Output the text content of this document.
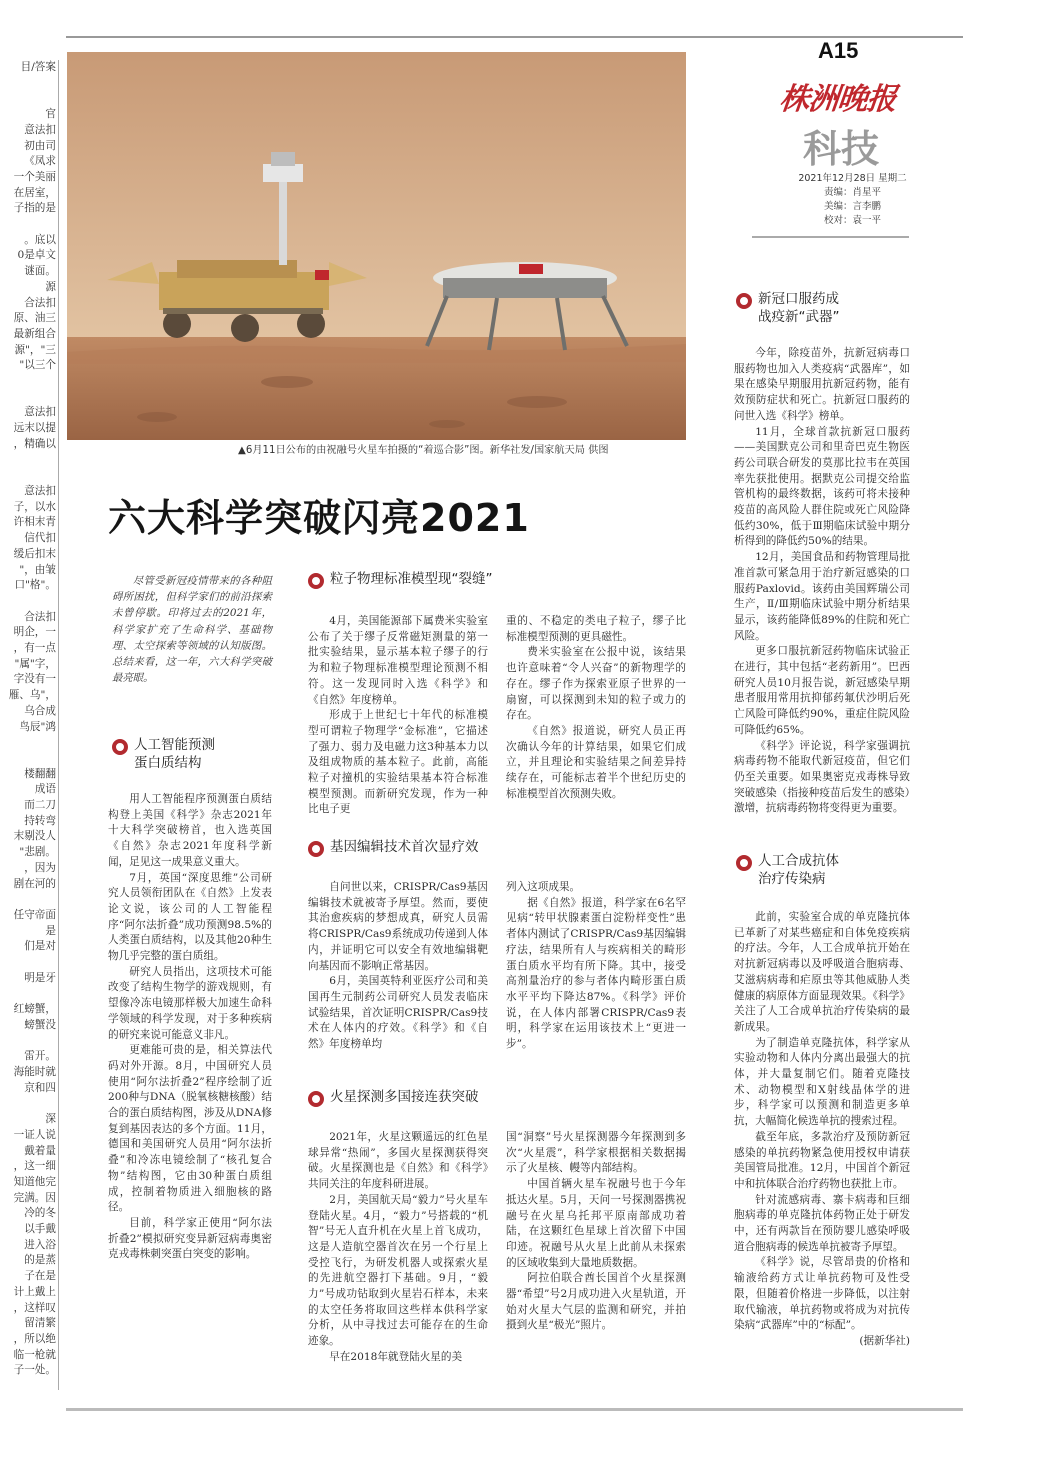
目/答案

官
意法扣
初由司
《凤求
一个美丽
在居室，
子指的是

。底以
0是卓文
谜面。
源
合法扣
原、油三
最新组合
源"，"三
"以三个

意法扣
远末以提
，精确以

意法扣
子，以水
许相末青
信代扣
缓后扣末
"，由皱
口"格"。

合法扣
明企，一
，有一点
"属"字，
字没有一
雁、乌"，
乌合成
鸟辰"鸿

楼翻翻
成语
而二刀
持转弯
末剔没人
"悲剧。
，因为
剧在河的

任守帝面
是
们是对

明是牙

红螃蟹，
螃蟹没

雷开。
海能时就
京和四

深
一证人说
戴着量
，这一细
知道他完
完满。因
冷的冬
以手戴
进入浴
的是蒸
子在是
计上戴上
，这样叹
留清繁
，所以绝
临一枪就
子一处。
A15
株洲晚报
科技
2021年12月28日 星期二
责编：肖星平
美编：言李鹏
校对：袁一平
▲6月11日公布的由祝融号火星车拍摄的“着巡合影”图。新华社发/国家航天局 供图
六大科学突破闪亮2021
尽管受新冠疫情带来的各种阻碍所困扰，但科学家们的前沿探索未曾停歇。印将过去的2021年，科学家扩充了生命科学、基础物理、太空探索等领域的认知版图。总结来看，这一年，六大科学突破最亮眼。
人工智能预测
蛋白质结构

用人工智能程序预测蛋白质结构登上美国《科学》杂志2021年十大科学突破榜首，也入选英国《自然》杂志2021年度科学新闻，足见这一成果意义重大。

7月，英国“深度思维”公司研究人员领衔团队在《自然》上发表论文说，该公司的人工智能程序“阿尔法折叠”成功预测98.5%的人类蛋白质结构，以及其他20种生物几乎完整的蛋白质组。

研究人员指出，这项技术可能改变了结构生物学的游戏规则，有望像冷冻电镜那样极大加速生命科学领域的科学发现，对于多种疾病的研究来说可能意义非凡。

更难能可贵的是，相关算法代码对外开源。8月，中国研究人员使用“阿尔法折叠2”程序绘制了近200种与DNA（脱氧核糖核酸）结合的蛋白质结构图，涉及从DNA修复到基因表达的多个方面。11月，德国和美国研究人员用“阿尔法折叠”和冷冻电镜绘制了“核孔复合物”结构图，它由30种蛋白质组成，控制着物质进入细胞核的路径。

目前，科学家正使用“阿尔法折叠2”模拟研究变异新冠病毒奥密克戎毒株刺突蛋白突变的影响。

粒子物理标准模型现“裂缝”

4月，美国能源部下属费米实验室公布了关于缪子反常磁矩测量的第一批实验结果，显示基本粒子缪子的行为和粒子物理标准模型理论预测不相符。这一发现同时入选《科学》和《自然》年度榜单。

形成于上世纪七十年代的标准模型可谓粒子物理学“金标准”，它描述了强力、弱力及电磁力这3种基本力以及组成物质的基本粒子。此前，高能粒子对撞机的实验结果基本符合标准模型预测。而新研究发现，作为一种比电子更

重的、不稳定的类电子粒子，缪子比标准模型预测的更具磁性。

费米实验室在公报中说，该结果也许意味着“令人兴奋”的新物理学的存在。缪子作为探索亚原子世界的一扇窗，可以探测到未知的粒子或力的存在。

《自然》报道说，研究人员正再次确认今年的计算结果，如果它们成立，并且理论和实验结果之间差异持续存在，可能标志着半个世纪历史的标准模型首次预测失败。

基因编辑技术首次显疗效

自问世以来，CRISPR/Cas9基因编辑技术就被寄予厚望。然而，要使其治愈疾病的梦想成真，研究人员需将CRISPR/Cas9系统成功传递到人体内，并证明它可以安全有效地编辑靶向基因而不影响正常基因。

6月，美国英特利亚医疗公司和美国再生元制药公司研究人员发表临床试验结果，首次证明CRISPR/Cas9技术在人体内的疗效。《科学》和《自然》年度榜单均

列入这项成果。

据《自然》报道，科学家在6名罕见病“转甲状腺素蛋白淀粉样变性”患者体内测试了CRISPR/Cas9基因编辑疗法，结果所有人与疾病相关的畸形蛋白质水平均有所下降。其中，接受高剂量治疗的参与者体内畸形蛋白质水平平均下降达87%。《科学》评价说，在人体内部署CRISPR/Cas9表明，科学家在运用该技术上“更进一步”。

火星探测多国接连获突破

2021年，火星这颗遥远的红色星球异常“热闹”，多国火星探测获得突破。火星探测也是《自然》和《科学》共同关注的年度科研进展。

2月，美国航天局“毅力”号火星车登陆火星。4月，“毅力”号搭载的“机智”号无人直升机在火星上首飞成功，这是人造航空器首次在另一个行星上受控飞行，为研发机器人或探索火星的先进航空器打下基础。9月，“毅力”号成功钻取到火星岩石样本，未来的太空任务将取回这些样本供科学家分析，从中寻找过去可能存在的生命迹象。

早在2018年就登陆火星的美

国“洞察”号火星探测器今年探测到多次“火星震”，科学家根据相关数据揭示了火星核、幔等内部结构。

中国首辆火星车祝融号也于今年抵达火星。5月，天问一号探测器携祝融号在火星乌托邦平原南部成功着陆，在这颗红色星球上首次留下中国印迹。祝融号从火星上此前从未探索的区域收集到大量地质数据。

阿拉伯联合酋长国首个火星探测器“希望”号2月成功进入火星轨道，开始对火星大气层的监测和研究，并拍摄到火星“极光”照片。

新冠口服药成
战疫新“武器”

今年，除疫苗外，抗新冠病毒口服药物也加入人类疫病“武器库”，如果在感染早期服用抗新冠药物，能有效预防症状和死亡。抗新冠口服药的问世入选《科学》榜单。

11月，全球首款抗新冠口服药——美国默克公司和里奇巴克生物医药公司联合研发的莫那比拉韦在英国率先获批使用。据默克公司提交给监管机构的最终数据，该药可将未接种疫苗的高风险人群住院或死亡风险降低约30%，低于Ⅲ期临床试验中期分析得到的降低约50%的结果。

12月，美国食品和药物管理局批准首款可紧急用于治疗新冠感染的口服药Paxlovid。该药由美国辉瑞公司生产，Ⅱ/Ⅲ期临床试验中期分析结果显示，该药能降低89%的住院和死亡风险。

更多口服抗新冠药物临床试验正在进行，其中包括“老药新用”。巴西研究人员10月报告说，新冠感染早期患者服用常用抗抑郁药氟伏沙明后死亡风险可降低约90%，重症住院风险可降低约65%。

《科学》评论说，科学家强调抗病毒药物不能取代新冠疫苗，但它们仍至关重要。如果奥密克戎毒株导致突破感染（指接种疫苗后发生的感染）激增，抗病毒药物将变得更为重要。

人工合成抗体
治疗传染病

此前，实验室合成的单克隆抗体已革新了对某些癌症和自体免疫疾病的疗法。今年，人工合成单抗开始在对抗新冠病毒以及呼吸道合胞病毒、艾滋病病毒和疟原虫等其他威胁人类健康的病原体方面显现效果。《科学》关注了人工合成单抗治疗传染病的最新成果。

为了制造单克隆抗体，科学家从实验动物和人体内分离出最强大的抗体，并大量复制它们。随着克隆技术、动物模型和X射线晶体学的进步，科学家可以预测和制造更多单抗，大幅简化候选单抗的搜索过程。

截至年底，多款治疗及预防新冠感染的单抗药物紧急使用授权申请获美国管局批准。12月，中国首个新冠中和抗体联合治疗药物也获批上市。

针对流感病毒、寨卡病毒和巨细胞病毒的单克隆抗体药物正处于研发中，还有两款旨在预防婴儿感染呼吸道合胞病毒的候选单抗被寄予厚望。

《科学》说，尽管昂贵的价格和输液给药方式让单抗药物可及性受限，但随着价格进一步降低，以注射取代输液，单抗药物或将成为对抗传染病“武器库”中的“标配”。

(据新华社)
